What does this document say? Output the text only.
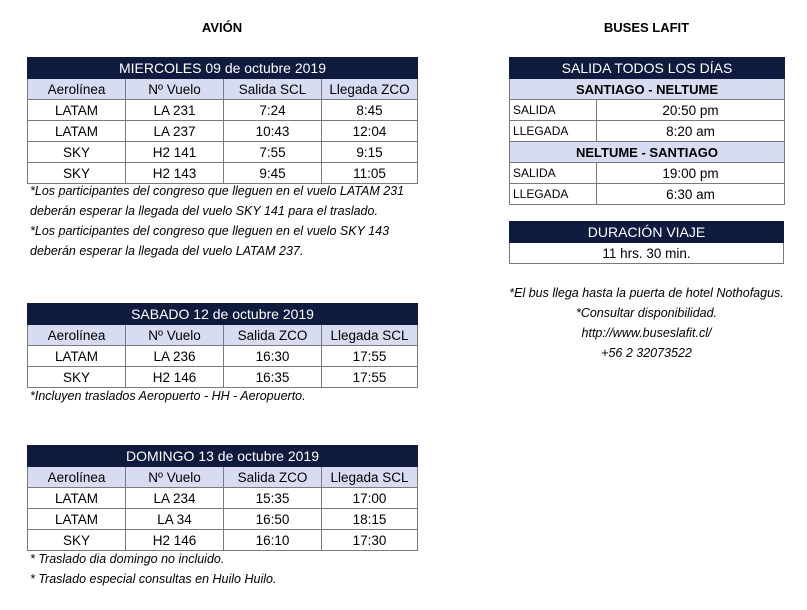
AVIÓN	BUSES LAFIT
MIERCOLES 09 de octubre 2019			
Aerolínea	Nº Vuelo	Salida SCL	Llegada ZCO
LATAM	LA 231	7:24	8:45
LATAM	LA 237	10:43	12:04
SKY	H2 141	7:55	9:15
SKY	H2 143	9:45	11:05

*Los participantes del congreso que lleguen en el vuelo LATAM 231 deberán esperar la llegada del vuelo SKY 141 para el traslado.

*Los participantes del congreso que lleguen en el vuelo SKY 143 deberán esperar la llegada del vuelo LATAM 237.

SABADO 12 de octubre 2019			
Aerolínea	Nº Vuelo	Salida ZCO	Llegada SCL
LATAM	LA 236	16:30	17:55
SKY	H2 146	16:35	17:55

*Incluyen traslados Aeropuerto - HH - Aeropuerto.

DOMINGO 13 de octubre 2019			
Aerolínea	Nº Vuelo	Salida ZCO	Llegada SCL
LATAM	LA 234	15:35	17:00
LATAM	LA 34	16:50	18:15
SKY	H2 146	16:10	17:30

* Traslado dia domingo no incluido.

* Traslado especial consultas en Huilo Huilo.

SALIDA TODOS LOS DÍAS	
SANTIAGO - NELTUME	
SALIDA	20:50 pm
LLEGADA	8:20 am
NELTUME - SANTIAGO	
SALIDA	19:00 pm
LLEGADA	6:30 am
DURACIÓN VIAJE
11 hrs. 30 min.

*El bus llega hasta la puerta de hotel Nothofagus.

*Consultar disponibilidad.

http://www.buseslafit.cl/

+56 2 32073522
